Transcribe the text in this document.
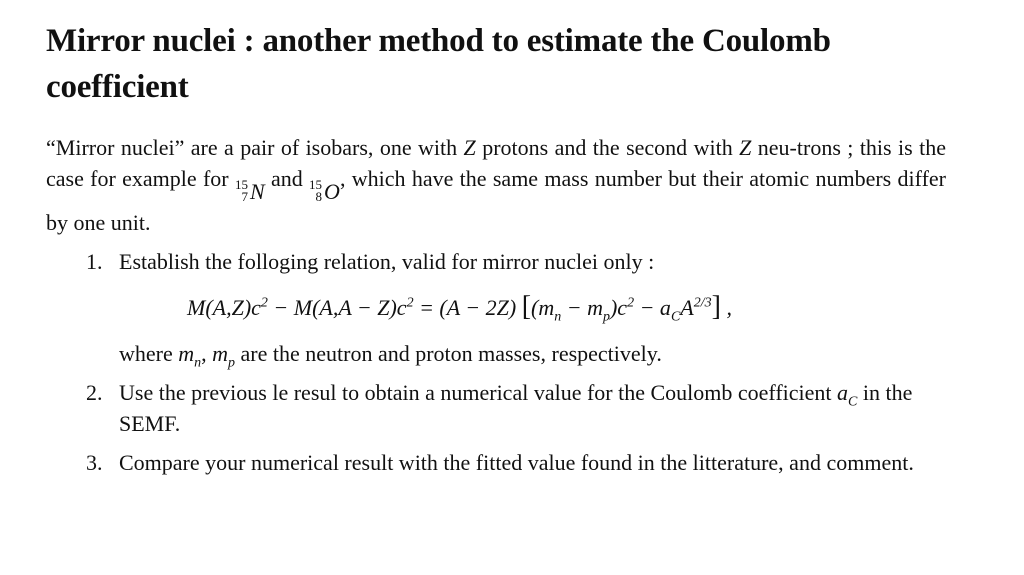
Mirror nuclei : another method to estimate the Coulomb coefficient

“Mirror nuclei” are a pair of isobars, one with Z protons and the second with Z neu-trons ; this is the case for example for 15
7 N and 15
8 O , which have the same mass number but their atomic numbers differ by one unit.

1. Establish the folloging relation, valid for mirror nuclei only :
$M(A,Z)c^2 - M(A,A - Z)c^2 = (A - 2Z) [(m_n - m_p)c^2 - a_CA^{2/3}]$ ,
where $m_n$, $m_p$ are the neutron and proton masses, respectively.
2. Use the previous le resul to obtain a numerical value for the Coulomb coefficient $a_C$ in the SEMF.
3. Compare your numerical result with the fitted value found in the litterature, and comment.
